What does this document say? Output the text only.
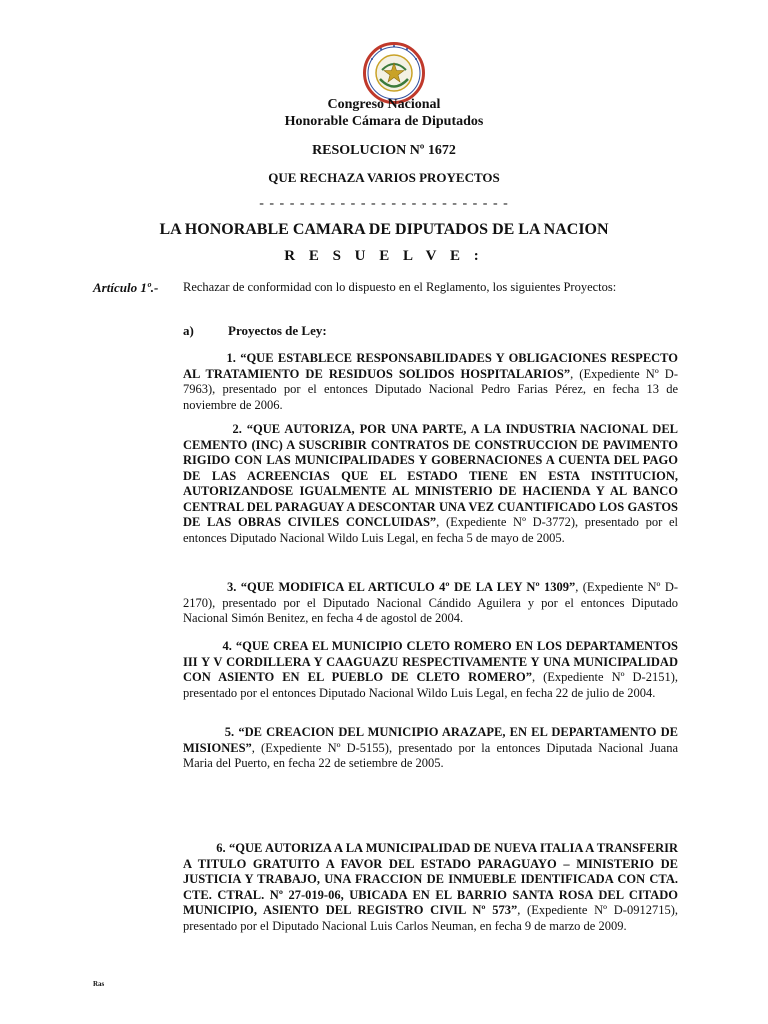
Congreso Nacional

Honorable Cámara de Diputados

RESOLUCION Nº 1672

QUE RECHAZA VARIOS PROYECTOS

- - - - - - - - - - - - - - - - - - - - - - - - -

LA HONORABLE CAMARA DE DIPUTADOS DE LA NACION
R E S U E L V E :
Artículo 1º.- Rechazar de conformidad con lo dispuesto en el Reglamento, los siguientes Proyectos:

a)	Proyectos de Ley:

1. “QUE ESTABLECE RESPONSABILIDADES Y OBLIGACIONES RESPECTO AL TRATAMIENTO DE RESIDUOS SOLIDOS HOSPITALARIOS”, (Expediente Nº D-7963), presentado por el entonces Diputado Nacional Pedro Farias Pérez, en fecha 13 de noviembre de 2006.

2. “QUE AUTORIZA, POR UNA PARTE, A LA INDUSTRIA NACIONAL DEL CEMENTO (INC) A SUSCRIBIR CONTRATOS DE CONSTRUCCION DE PAVIMENTO RIGIDO CON LAS MUNICIPALIDADES Y GOBERNACIONES A CUENTA DEL PAGO DE LAS ACREENCIAS QUE EL ESTADO TIENE EN ESTA INSTITUCION, AUTORIZANDOSE IGUALMENTE AL MINISTERIO DE HACIENDA Y AL BANCO CENTRAL DEL PARAGUAY A DESCONTAR UNA VEZ CUANTIFICADO LOS GASTOS DE LAS OBRAS CIVILES CONCLUIDAS”, (Expediente Nº D-3772), presentado por el entonces Diputado Nacional Wildo Luis Legal, en fecha 5 de mayo de 2005.

3. “QUE MODIFICA EL ARTICULO 4º DE LA LEY Nº 1309”, (Expediente Nº D-2170), presentado por el Diputado Nacional Cándido Aguilera y por el entonces Diputado Nacional Simón Benitez, en fecha 4 de agostol de 2004.

4. “QUE CREA EL MUNICIPIO CLETO ROMERO EN LOS DEPARTAMENTOS III Y V CORDILLERA Y CAAGUAZU RESPECTIVAMENTE Y UNA MUNICIPALIDAD CON ASIENTO EN EL PUEBLO DE CLETO ROMERO”, (Expediente Nº D-2151), presentado por el entonces Diputado Nacional Wildo Luis Legal, en fecha 22 de julio de 2004.

5. “DE CREACION DEL MUNICIPIO ARAZAPE, EN EL DEPARTAMENTO DE MISIONES”, (Expediente Nº D-5155), presentado por la entonces Diputada Nacional Juana Maria del Puerto, en fecha 22 de setiembre de 2005.

6. “QUE AUTORIZA A LA MUNICIPALIDAD DE NUEVA ITALIA A TRANSFERIR A TITULO GRATUITO A FAVOR DEL ESTADO PARAGUAYO – MINISTERIO DE JUSTICIA Y TRABAJO, UNA FRACCION DE INMUEBLE IDENTIFICADA CON CTA. CTE. CTRAL. Nº 27-019-06, UBICADA EN EL BARRIO SANTA ROSA DEL CITADO MUNICIPIO, ASIENTO DEL REGISTRO CIVIL Nº 573”, (Expediente Nº D-0912715), presentado por el Diputado Nacional Luis Carlos Neuman, en fecha 9 de marzo de 2009.

Ras
